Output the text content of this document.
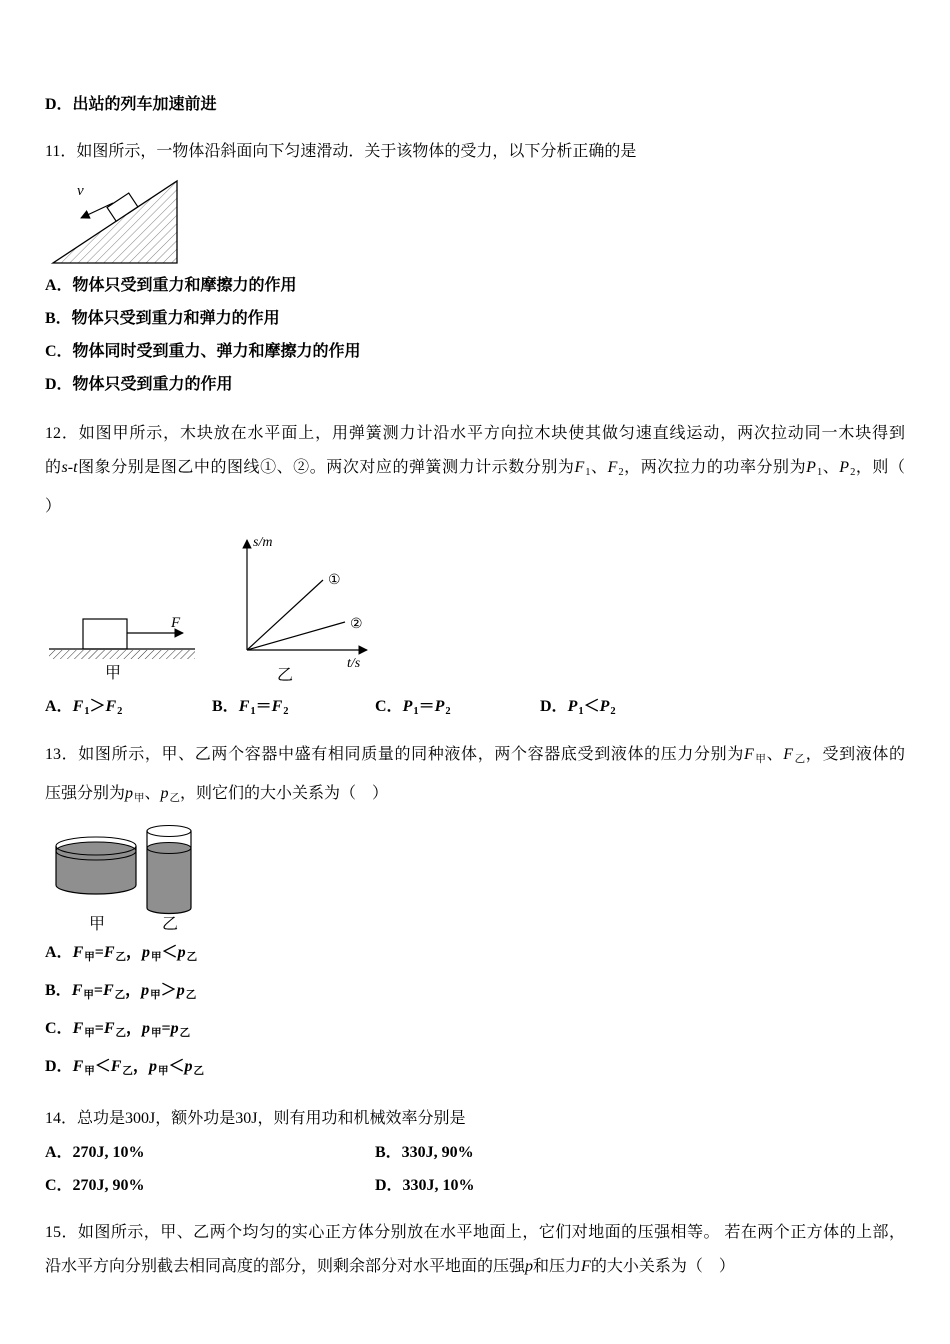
D．出站的列车加速前进
11．如图所示，一物体沿斜面向下匀速滑动．关于该物体的受力，以下分析正确的是
v
A．物体只受到重力和摩擦力的作用
B．物体只受到重力和弹力的作用
C．物体同时受到重力、弹力和摩擦力的作用
D．物体只受到重力的作用
12．如图甲所示，木块放在水平面上，用弹簧测力计沿水平方向拉木块使其做匀速直线运动，两次拉动同一木块得到
的s-t图象分别是图乙中的图线①、②。两次对应的弹簧测力计示数分别为F1、F2，两次拉力的功率分别为P1、P2，则（
）
F
甲
s/m
t/s
①
②
乙
A．F1＞F2	B．F1＝F2	C．P1＝P2	D．P1＜P2
13．如图所示，甲、乙两个容器中盛有相同质量的同种液体，两个容器底受到液体的压力分别为F甲、F乙，受到液体的
压强分别为p甲、p乙，则它们的大小关系为（　）
甲	乙
A．F甲=F乙，p甲＜p乙
B．F甲=F乙，p甲＞p乙
C．F甲=F乙，p甲=p乙
D．F甲＜F乙，p甲＜p乙
14．总功是300J，额外功是30J，则有用功和机械效率分别是
A．270J, 10%	B．330J, 90%
C．270J, 90%	D．330J, 10%
15．如图所示，甲、乙两个均匀的实心正方体分别放在水平地面上，它们对地面的压强相等。 若在两个正方体的上部，
沿水平方向分别截去相同高度的部分，则剩余部分对水平地面的压强p和压力F的大小关系为（　）
